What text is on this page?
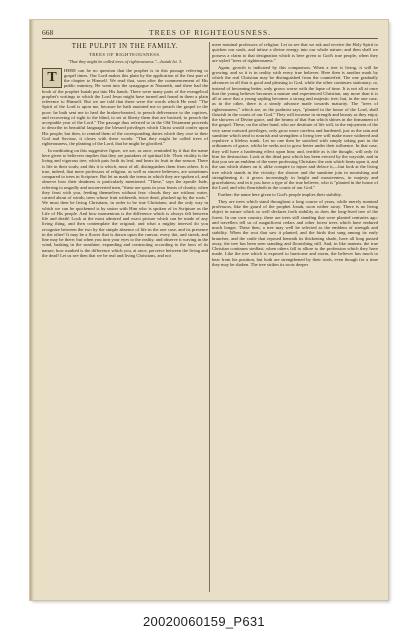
668	TREES OF RIGHTEOUSNESS.
THE PULPIT IN THE FAMILY.
TREES OF RIGHTEOUSNESS.
"That they might be called trees of righteousness."—Isaiah lxi. 3.
T	HERE can be no question that the prophet is in this passage referring to gospel times. Our Lord makes this plain by the application of the first part of the chapter to Himself. We read that, soon after the commencement of His public ministry, He went into the synagogue at Nazareth, and there had the book of the prophet Isaiah put into His hands. There were many parts of the evangelical prophet's writings to which the Lord Jesus might have turned and found in them a plain reference to Himself. But we are told that these were the words which He read: "The Spirit of the Lord is upon me, because he hath anointed me to preach the gospel to the poor: he hath sent me to heal the broken-hearted, to preach deliverance to the captives, and recovering of sight to the blind, to set at liberty them that are bruised, to preach the acceptable year of the Lord." The passage thus referred to in the Old Testament proceeds to describe in beautiful language the blessed privileges which Christ would confer upon His people; but then, to remind them of the corresponding duties which they owe to their God and Saviour, it closes with these words: "That they might be called trees of righteousness, the planting of the Lord, that he might be glorified."

In meditating on this suggestive figure, we are, as once, reminded by it that the name here given to believers implies that they are partakers of spiritual life. Their vitality is the living and vigorous tree, which puts forth its leaf, and bears its fruit in due season. There is life in their souls; and this it is which, most of all, distinguishes them from others. It is true, indeed, that mere professors of religion, as well as sincere believers, are sometimes compared to trees in Scripture. But let us mark the terms in which they are spoken of, and observe how their deadness is particularly mentioned. "These," says the apostle Jude, referring to ungodly and unconverted men, "these are spots in your feasts of charity, when they feast with you, feeding themselves without fear: clouds they are without water, carried about of winds; trees whose fruit withereth, twice dead, plucked up by the roots." We must then be living Christians, in order to be true Christians; and the only way in which we can be quickened is by union with Him who is spoken of in Scripture as the Life of His people. And how momentous is the difference which is always felt between life and death! Look at the most admired and exact picture which can be made of any living thing, and then contemplate the original; and what a mighty interval do you recognize between the two by the simple absence of life in the one case, and its presence in the other! It may be a flower that is drawn upon the canvas: every dot, and streak, and line may be there; but when you turn your eyes to the reality, and observe it waving in the wind, basking in the sunshine, expanding and contracting according to the laws of its nature, how marked is the difference which you, at once, perceive between the living and the dead! Let us see then that we be real and living Christians, and not

mere nominal professors of religion. Let us see that we ask and receive the Holy Spirit to quicken our souls, and infuse a divine energy into our whole nature; and then shall we possess a claim to that designation which is here given to God's true people, when they are styled "trees of righteousness."

Again, growth is indicated by this comparison. When a tree is living, it will be growing; and so it is in reality with every true believer. Here then is another mark by which the real Christian may be distinguished from the counterfeit. The one gradually advances in all that is good and pleasing to God, while the other continues stationary, or, instead of becoming better, only grows worse with the lapse of time. It is not all at once that the young believer becomes a mature and experienced Christian, any more than it is all at once that a young sapling becomes a strong and majestic tree; but, in the one case, as in the other, there is a steady advance made towards maturity. The "trees of righteousness," which are, as the psalmist says, "planted in the house of the Lord, shall flourish in the courts of our God." They will increase in strength and beauty as they enjoy the showers of Divine grace, and the beams of that Sun which shines in the firmament of the gospel. These, on the other hand, who are destitute of life will, in the enjoyment of the very same outward privileges, only grow more careless and hardened, just as the rain and sunshine which tend to nourish and strengthen a living tree will make more withered and repulsive a lifeless trunk. Let no one then be satisfied with simply taking part in the ordinances of grace, whilst he seeks not to grow better under their influence. In that case, they will have a hardening effect upon him; and, terrible as is the thought, will only fit him for destruction. Look at the dead post which has been erected by the wayside, and in that you see an emblem of the mere professing Christian: the rain which beats upon it, and the sun which shines on it, alike conspire to injure and deface it,—but look at the living tree which stands in the vicinity: the shower and the sunshine join in nourishing and strengthening it: it grows increasingly in height and massiveness, in majesty and gracefulness; and in it you have a type of the true believer, who is "planted in the house of the Lord, and who flourisheth in the courts of our God."

Further: the name here given to God's people implies their stability.

They are trees which stand throughout a long course of years, while merely nominal professors, like the gourd of the prophet Jonah, soon wither away. There is no living object in nature which so well declares forth stability as does the long-lived tree of the forest. In our own country, there are trees still standing that were planted centuries ago: and travellers tell us of magnificent cedars and other forest trees which have endured much longer. These then, a tree may well be selected as the emblem of strength and stability. When the root that saw it planted, and the birds that sang among its early branches, and the cattle that reposed beneath its thickening shade, have all long passed away, the tree has been seen standing and flourishing still. And, in like manner, the true Christian continues stedfast, when others fall to allure to the profession which they have made. Like the tree which is exposed to hurricane and storm, the believer has much to bear from his position, but both are strengthened by their trials, even though for a time they may be shaken. The tree strikes its roots deeper

20020060159_P631
